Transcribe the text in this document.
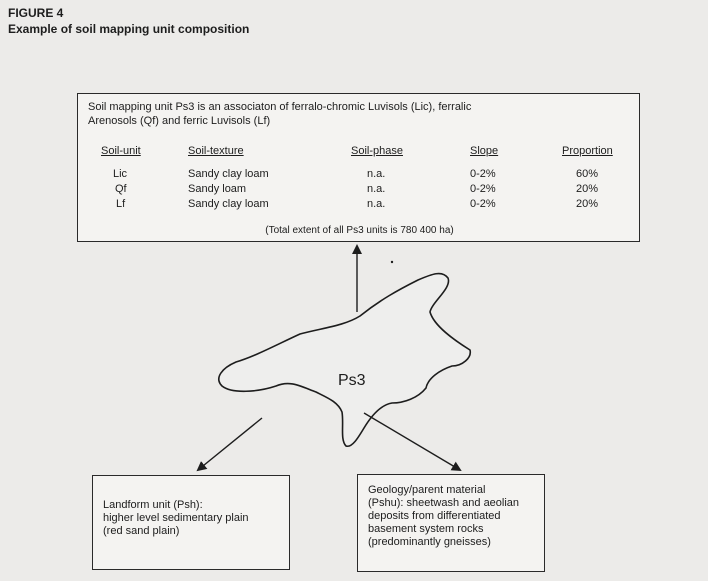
FIGURE 4
Example of soil mapping unit composition
Ps3
Soil mapping unit Ps3 is an associaton of ferralo-chromic Luvisols (Lic), ferralic
Arenosols (Qf) and ferric Luvisols (Lf)
Soil-unit	Soil-texture	Soil-phase	Slope	Proportion
Lic	Sandy clay loam	n.a.	0-2%	60%
Qf	Sandy loam	n.a.	0-2%	20%
Lf	Sandy clay loam	n.a.	0-2%	20%
(Total extent of all Ps3 units is 780 400 ha)
Landform unit (Psh):
higher level sedimentary plain
(red sand plain)
Geology/parent material
(Pshu): sheetwash and aeolian
deposits from differentiated
basement system rocks
(predominantly gneisses)
